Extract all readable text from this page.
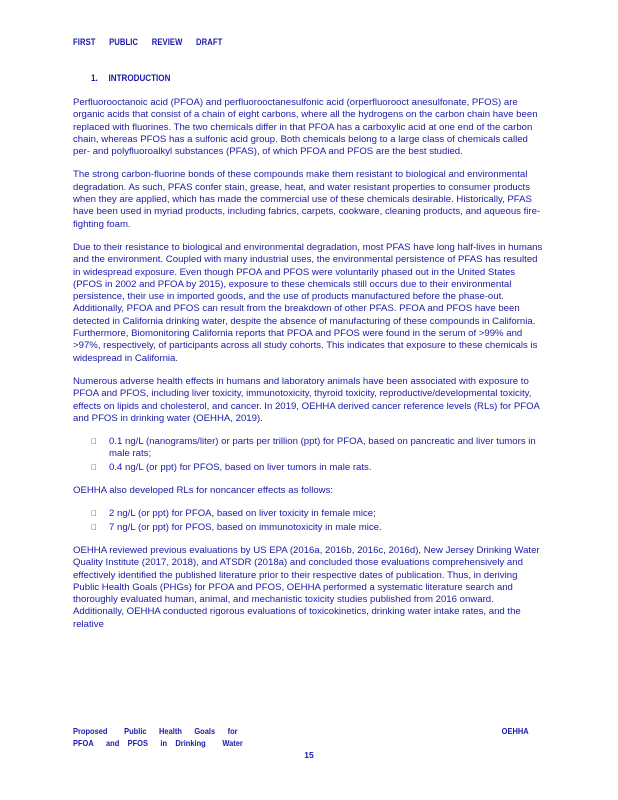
FIRST PUBLIC REVIEW DRAFT
1. INTRODUCTION

Perfluorooctanoic acid (PFOA) and perfluorooctanesulfonic acid (orperfluorooct anesulfonate, PFOS) are organic acids that consist of a chain of eight carbons, where all the hydrogens on the carbon chain have been replaced with fluorines. The two chemicals differ in that PFOA has a carboxylic acid at one end of the carbon chain, whereas PFOS has a sulfonic acid group. Both chemicals belong to a large class of chemicals called per- and polyfluoroalkyl substances (PFAS), of which PFOA and PFOS are the best studied.

The strong carbon-fluorine bonds of these compounds make them resistant to biological and environmental degradation. As such, PFAS confer stain, grease, heat, and water resistant properties to consumer products when they are applied, which has made the commercial use of these chemicals desirable. Historically, PFAS have been used in myriad products, including fabrics, carpets, cookware, cleaning products, and aqueous fire-fighting foam.

Due to their resistance to biological and environmental degradation, most PFAS have long half-lives in humans and the environment. Coupled with many industrial uses, the environmental persistence of PFAS has resulted in widespread exposure. Even though PFOA and PFOS were voluntarily phased out in the United States (PFOS in 2002 and PFOA by 2015), exposure to these chemicals still occurs due to their environmental persistence, their use in imported goods, and the use of products manufactured before the phase-out. Additionally, PFOA and PFOS can result from the breakdown of other PFAS. PFOA and PFOS have been detected in California drinking water, despite the absence of manufacturing of these compounds in California. Furthermore, Biomonitoring California reports that PFOA and PFOS were found in the serum of >99% and >97%, respectively, of participants across all study cohorts. This indicates that exposure to these chemicals is widespread in California.

Numerous adverse health effects in humans and laboratory animals have been associated with exposure to PFOA and PFOS, including liver toxicity, immunotoxicity, thyroid toxicity, reproductive/developmental toxicity, effects on lipids and cholesterol, and cancer. In 2019, OEHHA derived cancer reference levels (RLs) for PFOA and PFOS in drinking water (OEHHA, 2019).

0.1 ng/L (nanograms/liter) or parts per trillion (ppt) for PFOA, based on pancreatic and liver tumors in male rats;
0.4 ng/L (or ppt) for PFOS, based on liver tumors in male rats.

OEHHA also developed RLs for noncancer effects as follows:

2 ng/L (or ppt) for PFOA, based on liver toxicity in female mice;
7 ng/L (or ppt) for PFOS, based on immunotoxicity in male mice.

OEHHA reviewed previous evaluations by US EPA (2016a, 2016b, 2016c, 2016d), New Jersey Drinking Water Quality Institute (2017, 2018), and ATSDR (2018a) and concluded those evaluations comprehensively and effectively identified the published literature prior to their respective dates of publication. Thus, in deriving Public Health Goals (PHGs) for PFOA and PFOS, OEHHA performed a systematic literature search and thoroughly evaluated human, animal, and mechanistic toxicity studies published from 2016 onward. Additionally, OEHHA conducted rigorous evaluations of toxicokinetics, drinking water intake rates, and the relative

Proposed        Public      Health      Goals      for	OEHHA
PFOA      and    PFOS      in    Drinking        Water
15
